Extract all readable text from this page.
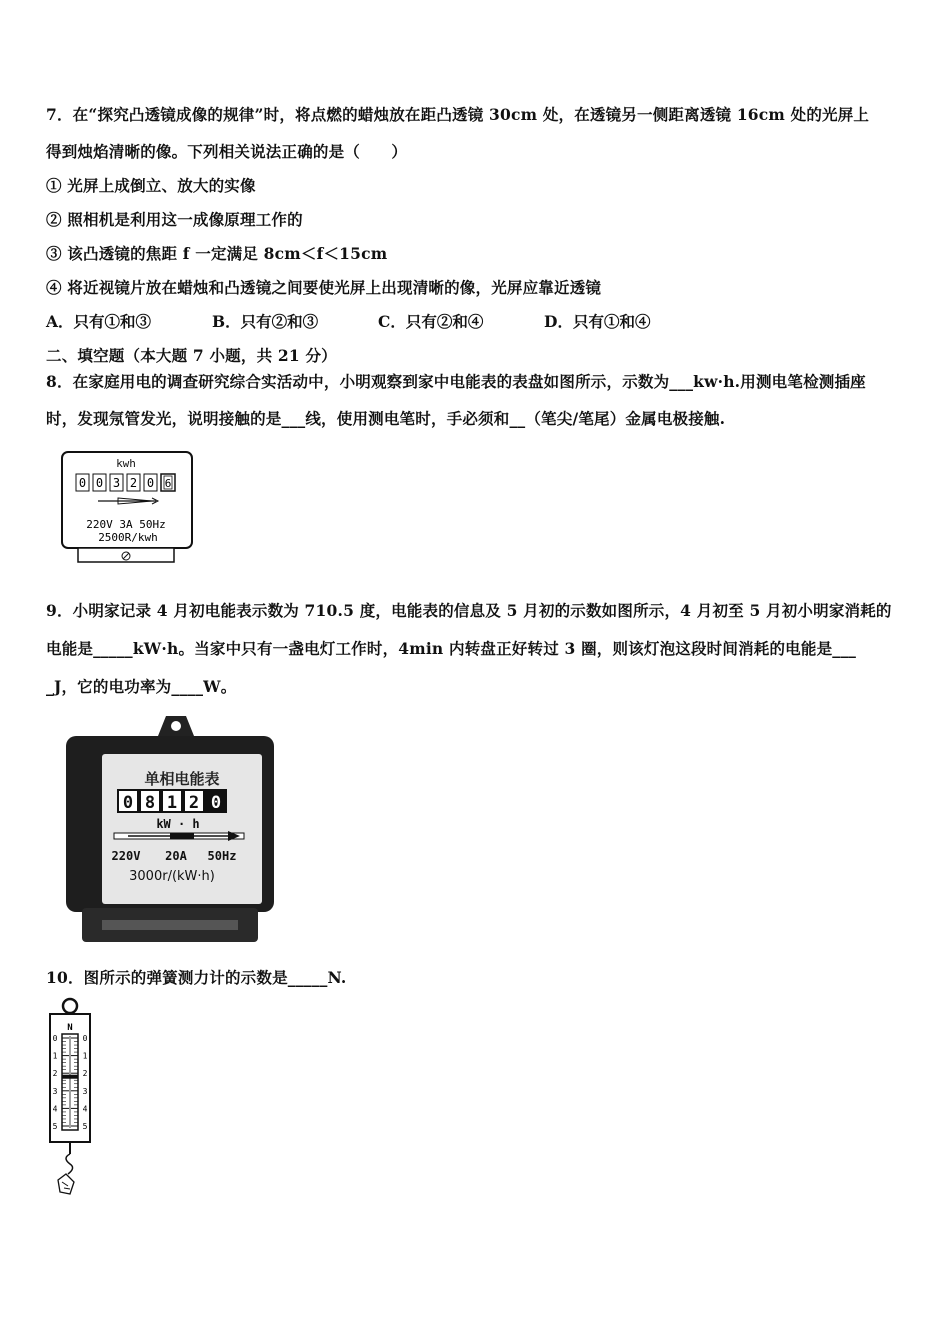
7．在“探究凸透镜成像的规律”时，将点燃的蜡烛放在距凸透镜 30cm 处，在透镜另一侧距离透镜 16cm 处的光屏上
得到烛焰清晰的像。下列相关说法正确的是（　　）
① 光屏上成倒立、放大的实像
② 照相机是利用这一成像原理工作的
③ 该凸透镜的焦距 f 一定满足 8cm＜f＜15cm
④ 将近视镜片放在蜡烛和凸透镜之间要使光屏上出现清晰的像，光屏应靠近透镜
A．只有①和③	B．只有②和③	C．只有②和④	D．只有①和④
二、填空题（本大题 7 小题，共 21 分）
8．在家庭用电的调查研究综合实活动中，小明观察到家中电能表的表盘如图所示，示数为___kw·h.用测电笔检测插座
时，发现氖管发光，说明接触的是___线，使用测电笔时，手必须和__（笔尖/笔尾）金属电极接触.
kwh
0 0 3 2 0 6
220V 3A 50Hz
2500R/kwh
9．小明家记录 4 月初电能表示数为 710.5 度，电能表的信息及 5 月初的示数如图所示，4 月初至 5 月初小明家消耗的
电能是_____kW·h。当家中只有一盏电灯工作时，4min 内转盘正好转过 3 圈，则该灯泡这段时间消耗的电能是___
_J，它的电功率为____W。
单相电能表
0 8 1 2 0
kW · h
220V 20A 50Hz
3000r/(kW·h)
10．图所示的弹簧测力计的示数是_____N.
N
0
1
2
3
4
5
0
1
2
3
4
5
